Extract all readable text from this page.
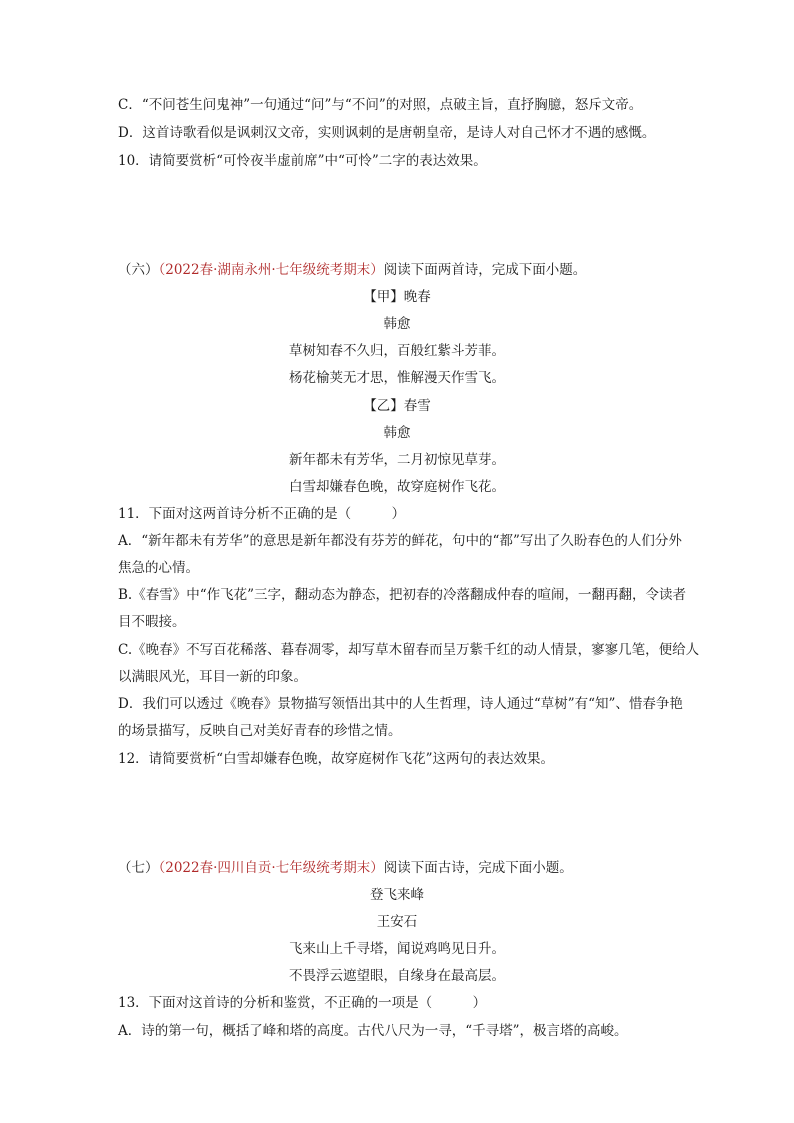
C．“不问苍生问鬼神”一句通过“问”与“不问”的对照，点破主旨，直抒胸臆，怒斥文帝。
D．这首诗歌看似是讽刺汉文帝，实则讽刺的是唐朝皇帝，是诗人对自己怀才不遇的感慨。
10．请简要赏析“可怜夜半虚前席”中“可怜”二字的表达效果。
（六）（2022春·湖南永州·七年级统考期末）阅读下面两首诗，完成下面小题。
【甲】晚春
韩愈
草树知春不久归，百般红紫斗芳菲。
杨花榆荚无才思，惟解漫天作雪飞。
【乙】春雪
韩愈
新年都未有芳华，二月初惊见草芽。
白雪却嫌春色晚，故穿庭树作飞花。
11．下面对这两首诗分析不正确的是（　　　）
A．“新年都未有芳华”的意思是新年都没有芬芳的鲜花，句中的“都”写出了久盼春色的人们分外
焦急的心情。
B.《春雪》中“作飞花”三字，翻动态为静态，把初春的冷落翻成仲春的喧闹，一翻再翻，令读者
目不暇接。
C.《晚春》不写百花稀落、暮春凋零，却写草木留春而呈万紫千红的动人情景，寥寥几笔，便给人
以满眼风光，耳目一新的印象。
D．我们可以透过《晚春》景物描写领悟出其中的人生哲理，诗人通过“草树”有“知”、惜春争艳
的场景描写，反映自己对美好青春的珍惜之情。
12．请简要赏析“白雪却嫌春色晚，故穿庭树作飞花”这两句的表达效果。
（七）（2022春·四川自贡·七年级统考期末）阅读下面古诗，完成下面小题。
登飞来峰
王安石
飞来山上千寻塔，闻说鸡鸣见日升。
不畏浮云遮望眼，自缘身在最高层。
13．下面对这首诗的分析和鉴赏，不正确的一项是（　　　）
A．诗的第一句，概括了峰和塔的高度。古代八尺为一寻，“千寻塔”，极言塔的高峻。
